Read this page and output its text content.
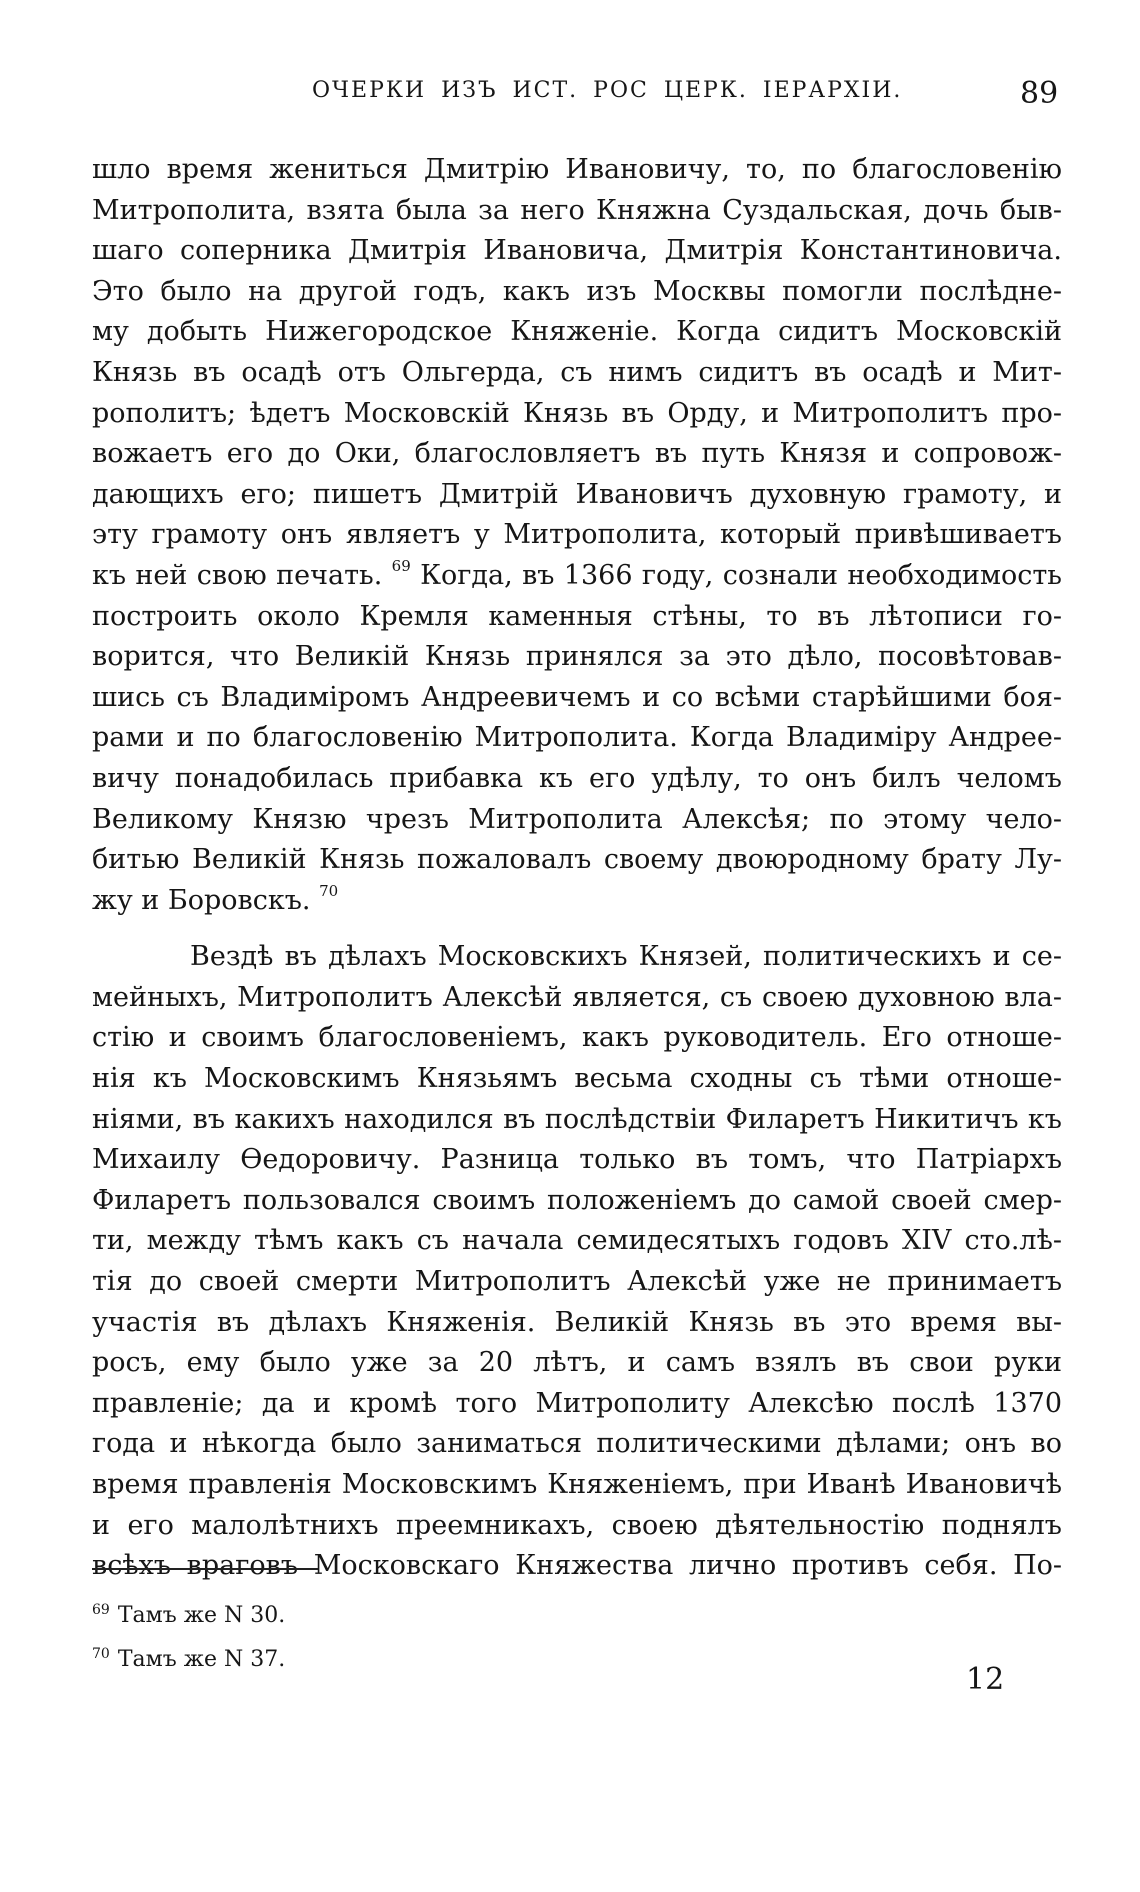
ОЧЕРКИ ИЗЪ ИСТ. РОС ЦЕРК. IЕРАРХIИ.	89
шло время жениться Дмитрію Ивановичу, то, по благословенію
Митрополита, взята была за него Княжна Суздальская, дочь быв-
шаго соперника Дмитрія Ивановича, Дмитрія Константиновича.
Это было на другой годъ, какъ изъ Москвы помогли послѣдне-
му добыть Нижегородское Княженіе. Когда сидитъ Московскій
Князь въ осадѣ отъ Ольгерда, съ нимъ сидитъ въ осадѣ и Мит-
рополитъ; ѣдетъ Московскій Князь въ Орду, и Митрополитъ про-
вожаетъ его до Оки, благословляетъ въ путь Князя и сопровож-
дающихъ его; пишетъ Дмитрій Ивановичъ духовную грамоту, и
эту грамоту онъ являетъ у Митрополита, который привѣшиваетъ
къ ней свою печать. $^{69}$ Когда, въ 1366 году, сознали необходимость
построить около Кремля каменныя стѣны, то въ лѣтописи го-
ворится, что Великій Князь принялся за это дѣло, посовѣтовав-
шись съ Владиміромъ Андреевичемъ и со всѣми старѣйшими боя-
рами и по благословенію Митрополита. Когда Владиміру Андрее-
вичу понадобилась прибавка къ его удѣлу, то онъ билъ челомъ
Великому Князю чрезъ Митрополита Алексѣя; по этому чело-
битью Великій Князь пожаловалъ своему двоюродному брату Лу-
жу и Боровскъ. $^{70}$
Вездѣ въ дѣлахъ Московскихъ Князей, политическихъ и се-
мейныхъ, Митрополитъ Алексѣй является, съ своею духовною вла-
стію и своимъ благословеніемъ, какъ руководитель. Его отноше-
нія къ Московскимъ Князьямъ весьма сходны съ тѣми отноше-
ніями, въ какихъ находился въ послѣдствіи Филаретъ Никитичъ къ
Михаилу Ѳедоровичу. Разница только въ томъ, что Патріархъ
Филаретъ пользовался своимъ положеніемъ до самой своей смер-
ти, между тѣмъ какъ съ начала семидесятыхъ годовъ XIV сто.лѣ-
тія до своей смерти Митрополитъ Алексѣй уже не принимаетъ
участія въ дѣлахъ Княженія. Великій Князь въ это время вы-
росъ, ему было уже за 20 лѣтъ, и самъ взялъ въ свои руки
правленіе; да и кромѣ того Митрополиту Алексѣю послѣ 1370
года и нѣкогда было заниматься политическими дѣлами; онъ во
время правленія Московскимъ Княженіемъ, при Иванѣ Ивановичѣ
и его малолѣтнихъ преемникахъ, своею дѣятельностію поднялъ
всѣхъ враговъ Московскаго Княжества лично противъ себя. По-
$^{69}$ Тамъ же N 30.
$^{70}$ Тамъ же N 37.
12
